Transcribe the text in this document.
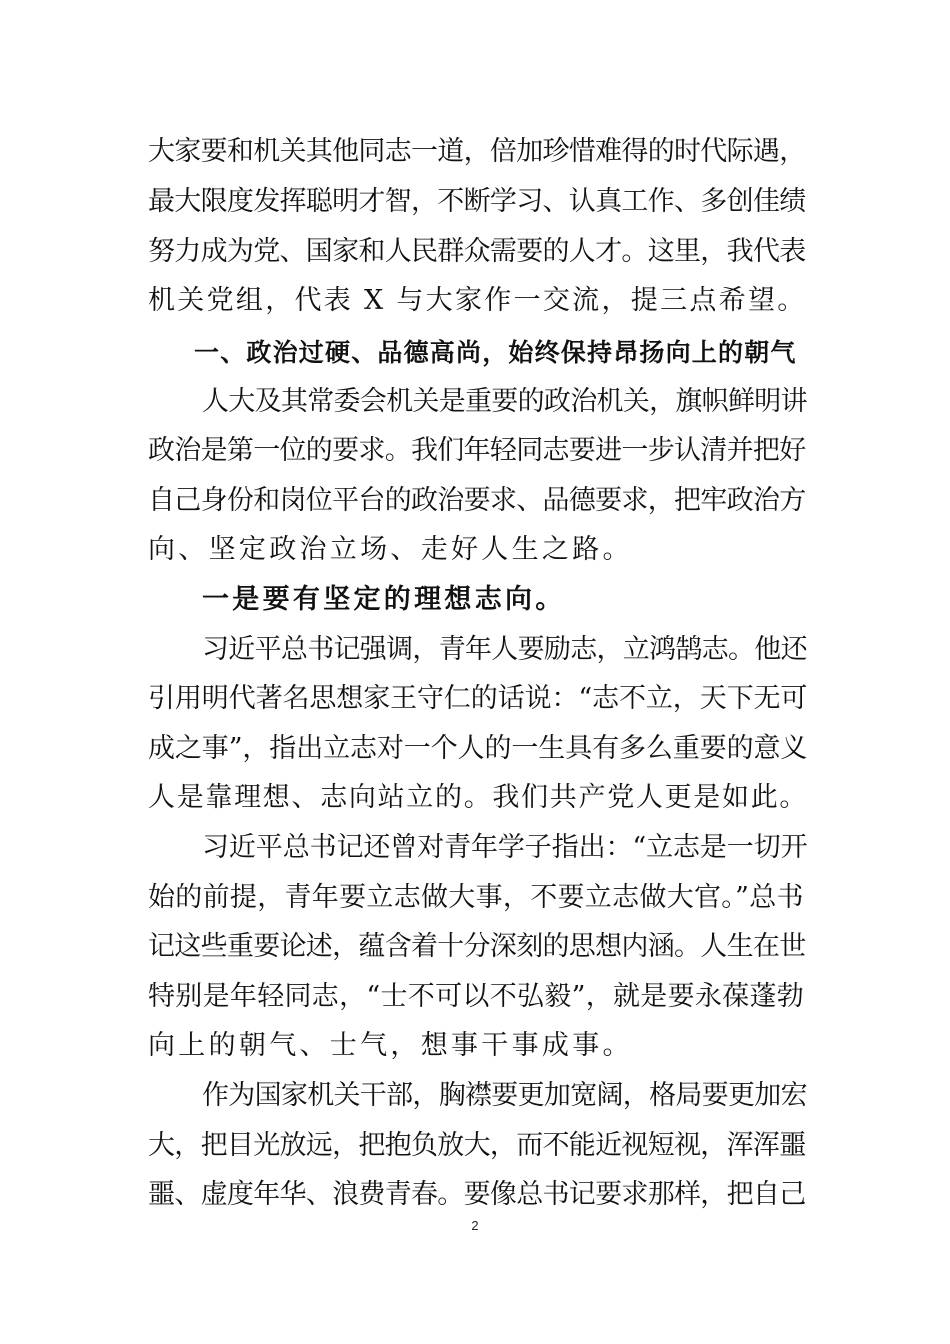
大家要和机关其他同志一道，倍加珍惜难得的时代际遇，
最大限度发挥聪明才智，不断学习、认真工作、多创佳绩
努力成为党、国家和人民群众需要的人才。这里，我代表
机关党组，代表 X 与大家作一交流，提三点希望。
一、政治过硬、品德高尚，始终保持昂扬向上的朝气
人大及其常委会机关是重要的政治机关，旗帜鲜明讲
政治是第一位的要求。我们年轻同志要进一步认清并把好
自己身份和岗位平台的政治要求、品德要求，把牢政治方
向、坚定政治立场、走好人生之路。
一是要有坚定的理想志向。
习近平总书记强调，青年人要励志，立鸿鹄志。他还
引用明代著名思想家王守仁的话说：“志不立，天下无可
成之事”，指出立志对一个人的一生具有多么重要的意义
人是靠理想、志向站立的。我们共产党人更是如此。
习近平总书记还曾对青年学子指出：“立志是一切开
始的前提，青年要立志做大事，不要立志做大官。”总书
记这些重要论述，蕴含着十分深刻的思想内涵。人生在世
特别是年轻同志，“士不可以不弘毅”，就是要永葆蓬勃
向上的朝气、士气，想事干事成事。
作为国家机关干部，胸襟要更加宽阔，格局要更加宏
大，把目光放远，把抱负放大，而不能近视短视，浑浑噩
噩、虚度年华、浪费青春。要像总书记要求那样，把自己
2
